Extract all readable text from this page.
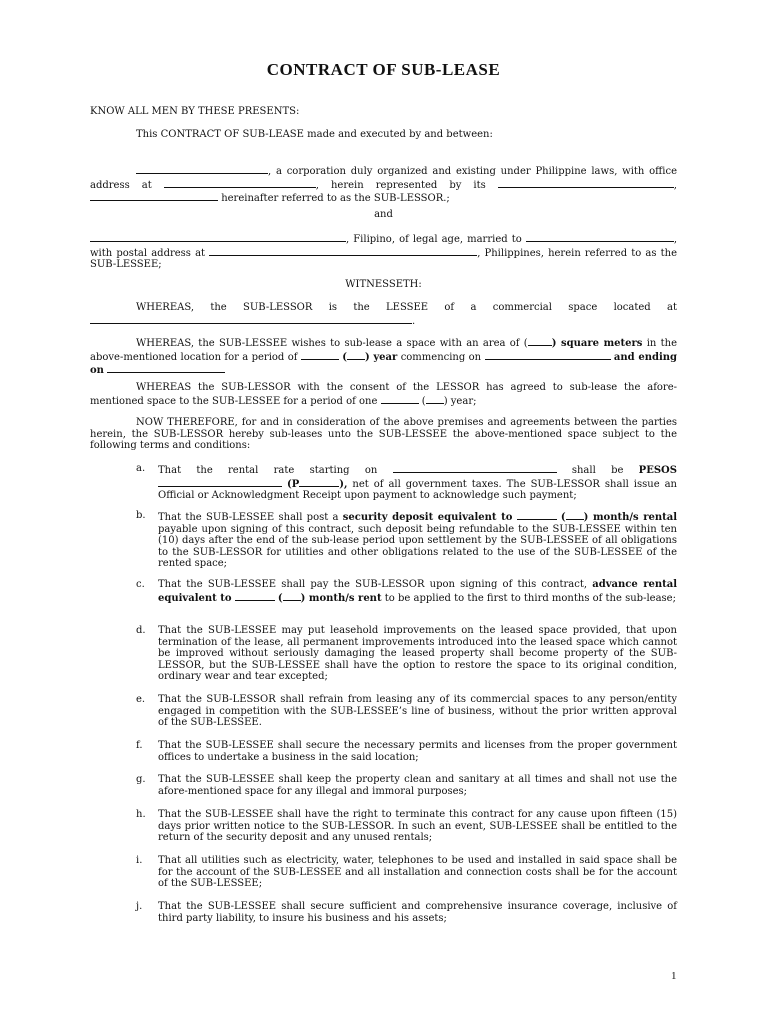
CONTRACT OF SUB-LEASE
KNOW ALL MEN BY THESE PRESENTS:
This CONTRACT OF SUB-LEASE made and executed by and between:
, a corporation duly organized and existing under Philippine laws, with office address at	, herein represented by its	,  hereinafter referred to as the SUB-LESSOR.;
and
, Filipino, of legal age, married to	, with postal address at	, Philippines, herein referred to as the SUB-LESSEE;
WITNESSETH:
WHEREAS, the SUB-LESSOR is the LESSEE of a commercial space located at .
WHEREAS, the SUB-LESSEE wishes to sub-lease a space with an area of ( ) square meters in the above-mentioned location for a period of	( ) year commencing on	and ending on
WHEREAS the SUB-LESSOR with the consent of the LESSOR has agreed to sub-lease the afore-mentioned space to the SUB-LESSEE for a period of one	( ) year;
NOW THEREFORE, for and in consideration of the above premises and agreements between the parties herein, the SUB-LESSOR hereby sub-leases unto the SUB-LESSEE the above-mentioned space subject to the following terms and conditions:
a.	That the rental rate starting on	shall be PESOS  (P	), net of all government taxes. The SUB-LESSOR shall issue an Official or Acknowledgment Receipt upon payment to acknowledge such payment;
b.	That the SUB-LESSEE shall post a security deposit equivalent to	( ) month/s rental payable upon signing of this contract, such deposit being refundable to the SUB-LESSEE within ten (10) days after the end of the sub-lease period upon settlement by the SUB-LESSEE of all obligations to the SUB-LESSOR for utilities and other obligations related to the use of the SUB-LESSEE of the rented space;
c.	That the SUB-LESSEE shall pay the SUB-LESSOR upon signing of this contract, advance rental equivalent to	( ) month/s rent to be applied to the first to third months of the sub-lease;
d.	That the SUB-LESSEE may put leasehold improvements on the leased space provided, that upon termination of the lease, all permanent improvements introduced into the leased space which cannot be improved without seriously damaging the leased property shall become property of the SUB-LESSOR, but the SUB-LESSEE shall have the option to restore the space to its original condition, ordinary wear and tear excepted;
e.	That the SUB-LESSOR shall refrain from leasing any of its commercial spaces to any person/entity engaged in competition with the SUB-LESSEE’s line of business, without the prior written approval of the SUB-LESSEE.
f.	That the SUB-LESSEE shall secure the necessary permits and licenses from the proper government offices to undertake a business in the said location;
g.	That the SUB-LESSEE shall keep the property clean and sanitary at all times and shall not use the afore-mentioned space for any illegal and immoral purposes;
h.	That the SUB-LESSEE shall have the right to terminate this contract for any cause upon fifteen (15) days prior written notice to the SUB-LESSOR. In such an event, SUB-LESSEE shall be entitled to the return of the security deposit and any unused rentals;
i.	That all utilities such as electricity, water, telephones to be used and installed in said space shall be for the account of the SUB-LESSEE and all installation and connection costs shall be for the account of the SUB-LESSEE;
j.	That the SUB-LESSEE shall secure sufficient and comprehensive insurance coverage, inclusive of third party liability, to insure his business and his assets;
1
